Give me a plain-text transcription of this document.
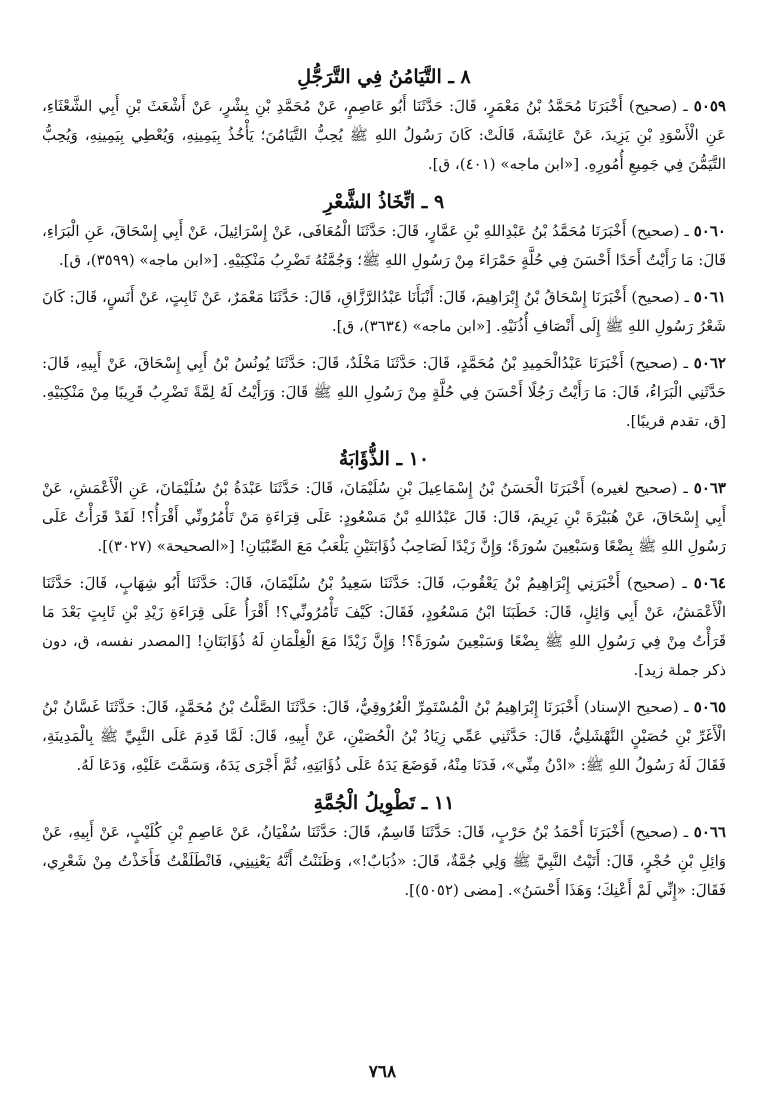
٨ ـ التَّيَامُنُ فِي التَّرَجُّلِ

٥٠٥٩ ـ (صحيح) أَخْبَرَنَا مُحَمَّدُ بْنُ مَعْمَرٍ، قَالَ: حَدَّثَنَا أَبُو عَاصِمٍ، عَنْ مُحَمَّدِ بْنِ بِشْرٍ، عَنْ أَشْعَثَ بْنِ أَبِي الشَّعْثَاءِ، عَنِ الْأَسْوَدِ بْنِ يَزِيدَ، عَنْ عَائِشَةَ، قَالَتْ: كَانَ رَسُولُ اللهِ ﷺ يُحِبُّ التَّيَامُنَ؛ يَأْخُذُ بِيَمِينِهِ، وَيُعْطِي بِيَمِينِهِ، وَيُحِبُّ التَّيَمُّنَ فِي جَمِيعِ أُمُورِهِ. [«ابن ماجه» (٤٠١)، ق].

٩ ـ اتِّخَاذُ الشَّعْرِ

٥٠٦٠ ـ (صحيح) أَخْبَرَنَا مُحَمَّدُ بْنُ عَبْدِاللهِ بْنِ عَمَّارٍ، قَالَ: حَدَّثَنَا الْمُعَافَى، عَنْ إِسْرَائِيلَ، عَنْ أَبِي إِسْحَاقَ، عَنِ الْبَرَاءِ، قَالَ: مَا رَأَيْتُ أَحَدًا أَحْسَنَ فِي حُلَّةٍ حَمْرَاءَ مِنْ رَسُولِ اللهِ ﷺ؛ وَجُمَّتُهُ تَضْرِبُ مَنْكِبَيْهِ. [«ابن ماجه» (٣٥٩٩)، ق].

٥٠٦١ ـ (صحيح) أَخْبَرَنَا إِسْحَاقُ بْنُ إِبْرَاهِيمَ، قَالَ: أَنْبَأَنَا عَبْدُالرَّزَّاقِ، قَالَ: حَدَّثَنَا مَعْمَرٌ، عَنْ ثَابِتٍ، عَنْ أَنَسٍ، قَالَ: كَانَ شَعْرُ رَسُولِ اللهِ ﷺ إِلَى أَنْصَافِ أُذُنَيْهِ. [«ابن ماجه» (٣٦٣٤)، ق].

٥٠٦٢ ـ (صحيح) أَخْبَرَنَا عَبْدُالْحَمِيدِ بْنُ مُحَمَّدٍ، قَالَ: حَدَّثَنَا مَخْلَدٌ، قَالَ: حَدَّثَنَا يُونُسُ بْنُ أَبِي إِسْحَاقَ، عَنْ أَبِيهِ، قَالَ: حَدَّثَنِي الْبَرَاءُ، قَالَ: مَا رَأَيْتُ رَجُلًا أَحْسَنَ فِي حُلَّةٍ مِنْ رَسُولِ اللهِ ﷺ قَالَ: وَرَأَيْتُ لَهُ لِمَّةً تَضْرِبُ قَرِيبًا مِنْ مَنْكِبَيْهِ. [ق، تقدم قريبًا].

١٠ ـ الذُّؤَابَةُ

٥٠٦٣ ـ (صحيح لغيره) أَخْبَرَنَا الْحَسَنُ بْنُ إِسْمَاعِيلَ بْنِ سُلَيْمَانَ، قَالَ: حَدَّثَنَا عَبْدَةُ بْنُ سُلَيْمَانَ، عَنِ الْأَعْمَشِ، عَنْ أَبِي إِسْحَاقَ، عَنْ هُبَيْرَةَ بْنِ يَرِيمَ، قَالَ: قَالَ عَبْدُاللهِ بْنُ مَسْعُودٍ: عَلَى قِرَاءَةِ مَنْ تَأْمُرُونِّي أَقْرَأُ؟! لَقَدْ قَرَأْتُ عَلَى رَسُولِ اللهِ ﷺ بِضْعًا وَسَبْعِينَ سُورَةً؛ وَإِنَّ زَيْدًا لَصَاحِبُ ذُؤَابَتَيْنِ يَلْعَبُ مَعَ الصِّبْيَانِ! [«الصحيحة» (٣٠٢٧)].

٥٠٦٤ ـ (صحيح) أَخْبَرَنِي إِبْرَاهِيمُ بْنُ يَعْقُوبَ، قَالَ: حَدَّثَنَا سَعِيدُ بْنُ سُلَيْمَانَ، قَالَ: حَدَّثَنَا أَبُو شِهَابٍ، قَالَ: حَدَّثَنَا الْأَعْمَشُ، عَنْ أَبِي وَائِلٍ، قَالَ: خَطَبَنَا ابْنُ مَسْعُودٍ، فَقَالَ: كَيْفَ تَأْمُرُونِّي؟! أَقْرَأُ عَلَى قِرَاءَةِ زَيْدِ بْنِ ثَابِتٍ بَعْدَ مَا قَرَأْتُ مِنْ فِي رَسُولِ اللهِ ﷺ بِضْعًا وَسَبْعِينَ سُورَةً؟! وَإِنَّ زَيْدًا مَعَ الْغِلْمَانِ لَهُ ذُؤَابَتَانِ! [المصدر نفسه، ق، دون ذكر جملة زيد].

٥٠٦٥ ـ (صحيح الإسناد) أَخْبَرَنَا إِبْرَاهِيمُ بْنُ الْمُسْتَمِرِّ الْعُرُوقِيُّ، قَالَ: حَدَّثَنَا الصَّلْتُ بْنُ مُحَمَّدٍ، قَالَ: حَدَّثَنَا غَسَّانُ بْنُ الْأَغَرِّ بْنِ حُصَيْنٍ النَّهْشَلِيُّ، قَالَ: حَدَّثَنِي عَمِّي زِيَادُ بْنُ الْحُصَيْنِ، عَنْ أَبِيهِ، قَالَ: لَمَّا قَدِمَ عَلَى النَّبِيِّ ﷺ بِالْمَدِينَةِ، فَقَالَ لَهُ رَسُولُ اللهِ ﷺ: «ادْنُ مِنِّي»، فَدَنَا مِنْهُ، فَوَضَعَ يَدَهُ عَلَى ذُؤَابَتِهِ، ثُمَّ أَجْرَى يَدَهُ، وَسَمَّتَ عَلَيْهِ، وَدَعَا لَهُ.

١١ ـ تَطْوِيلُ الْجُمَّةِ

٥٠٦٦ ـ (صحيح) أَخْبَرَنَا أَحْمَدُ بْنُ حَرْبٍ، قَالَ: حَدَّثَنَا قَاسِمٌ، قَالَ: حَدَّثَنَا سُفْيَانُ، عَنْ عَاصِمِ بْنِ كُلَيْبٍ، عَنْ أَبِيهِ، عَنْ وَائِلِ بْنِ حُجْرٍ، قَالَ: أَتَيْتُ النَّبِيَّ ﷺ وَلِي جُمَّةٌ، قَالَ: «ذُبَابٌ!»، وَظَنَنْتُ أَنَّهُ يَعْنِينِي، فَانْطَلَقْتُ فَأَخَذْتُ مِنْ شَعْرِي، فَقَالَ: «إِنِّي لَمْ أَعْنِكَ؛ وَهَذَا أَحْسَنُ». [مضى (٥٠٥٢)].

٧٦٨
